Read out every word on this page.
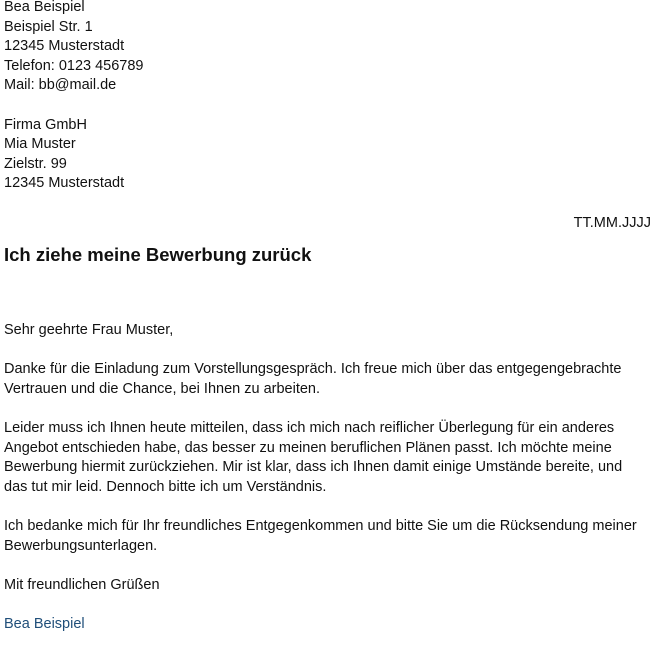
Bea Beispiel
Beispiel Str. 1
12345 Musterstadt
Telefon: 0123 456789
Mail: bb@mail.de
Firma GmbH
Mia Muster
Zielstr. 99
12345 Musterstadt
TT.MM.JJJJ
Ich ziehe meine Bewerbung zurück
Sehr geehrte Frau Muster,
Danke für die Einladung zum Vorstellungsgespräch. Ich freue mich über das entgegengebrachte
Vertrauen und die Chance, bei Ihnen zu arbeiten.
Leider muss ich Ihnen heute mitteilen, dass ich mich nach reiflicher Überlegung für ein anderes
Angebot entschieden habe, das besser zu meinen beruflichen Plänen passt. Ich möchte meine
Bewerbung hiermit zurückziehen. Mir ist klar, dass ich Ihnen damit einige Umstände bereite, und
das tut mir leid. Dennoch bitte ich um Verständnis.
Ich bedanke mich für Ihr freundliches Entgegenkommen und bitte Sie um die Rücksendung meiner
Bewerbungsunterlagen.
Mit freundlichen Grüßen
Bea Beispiel
